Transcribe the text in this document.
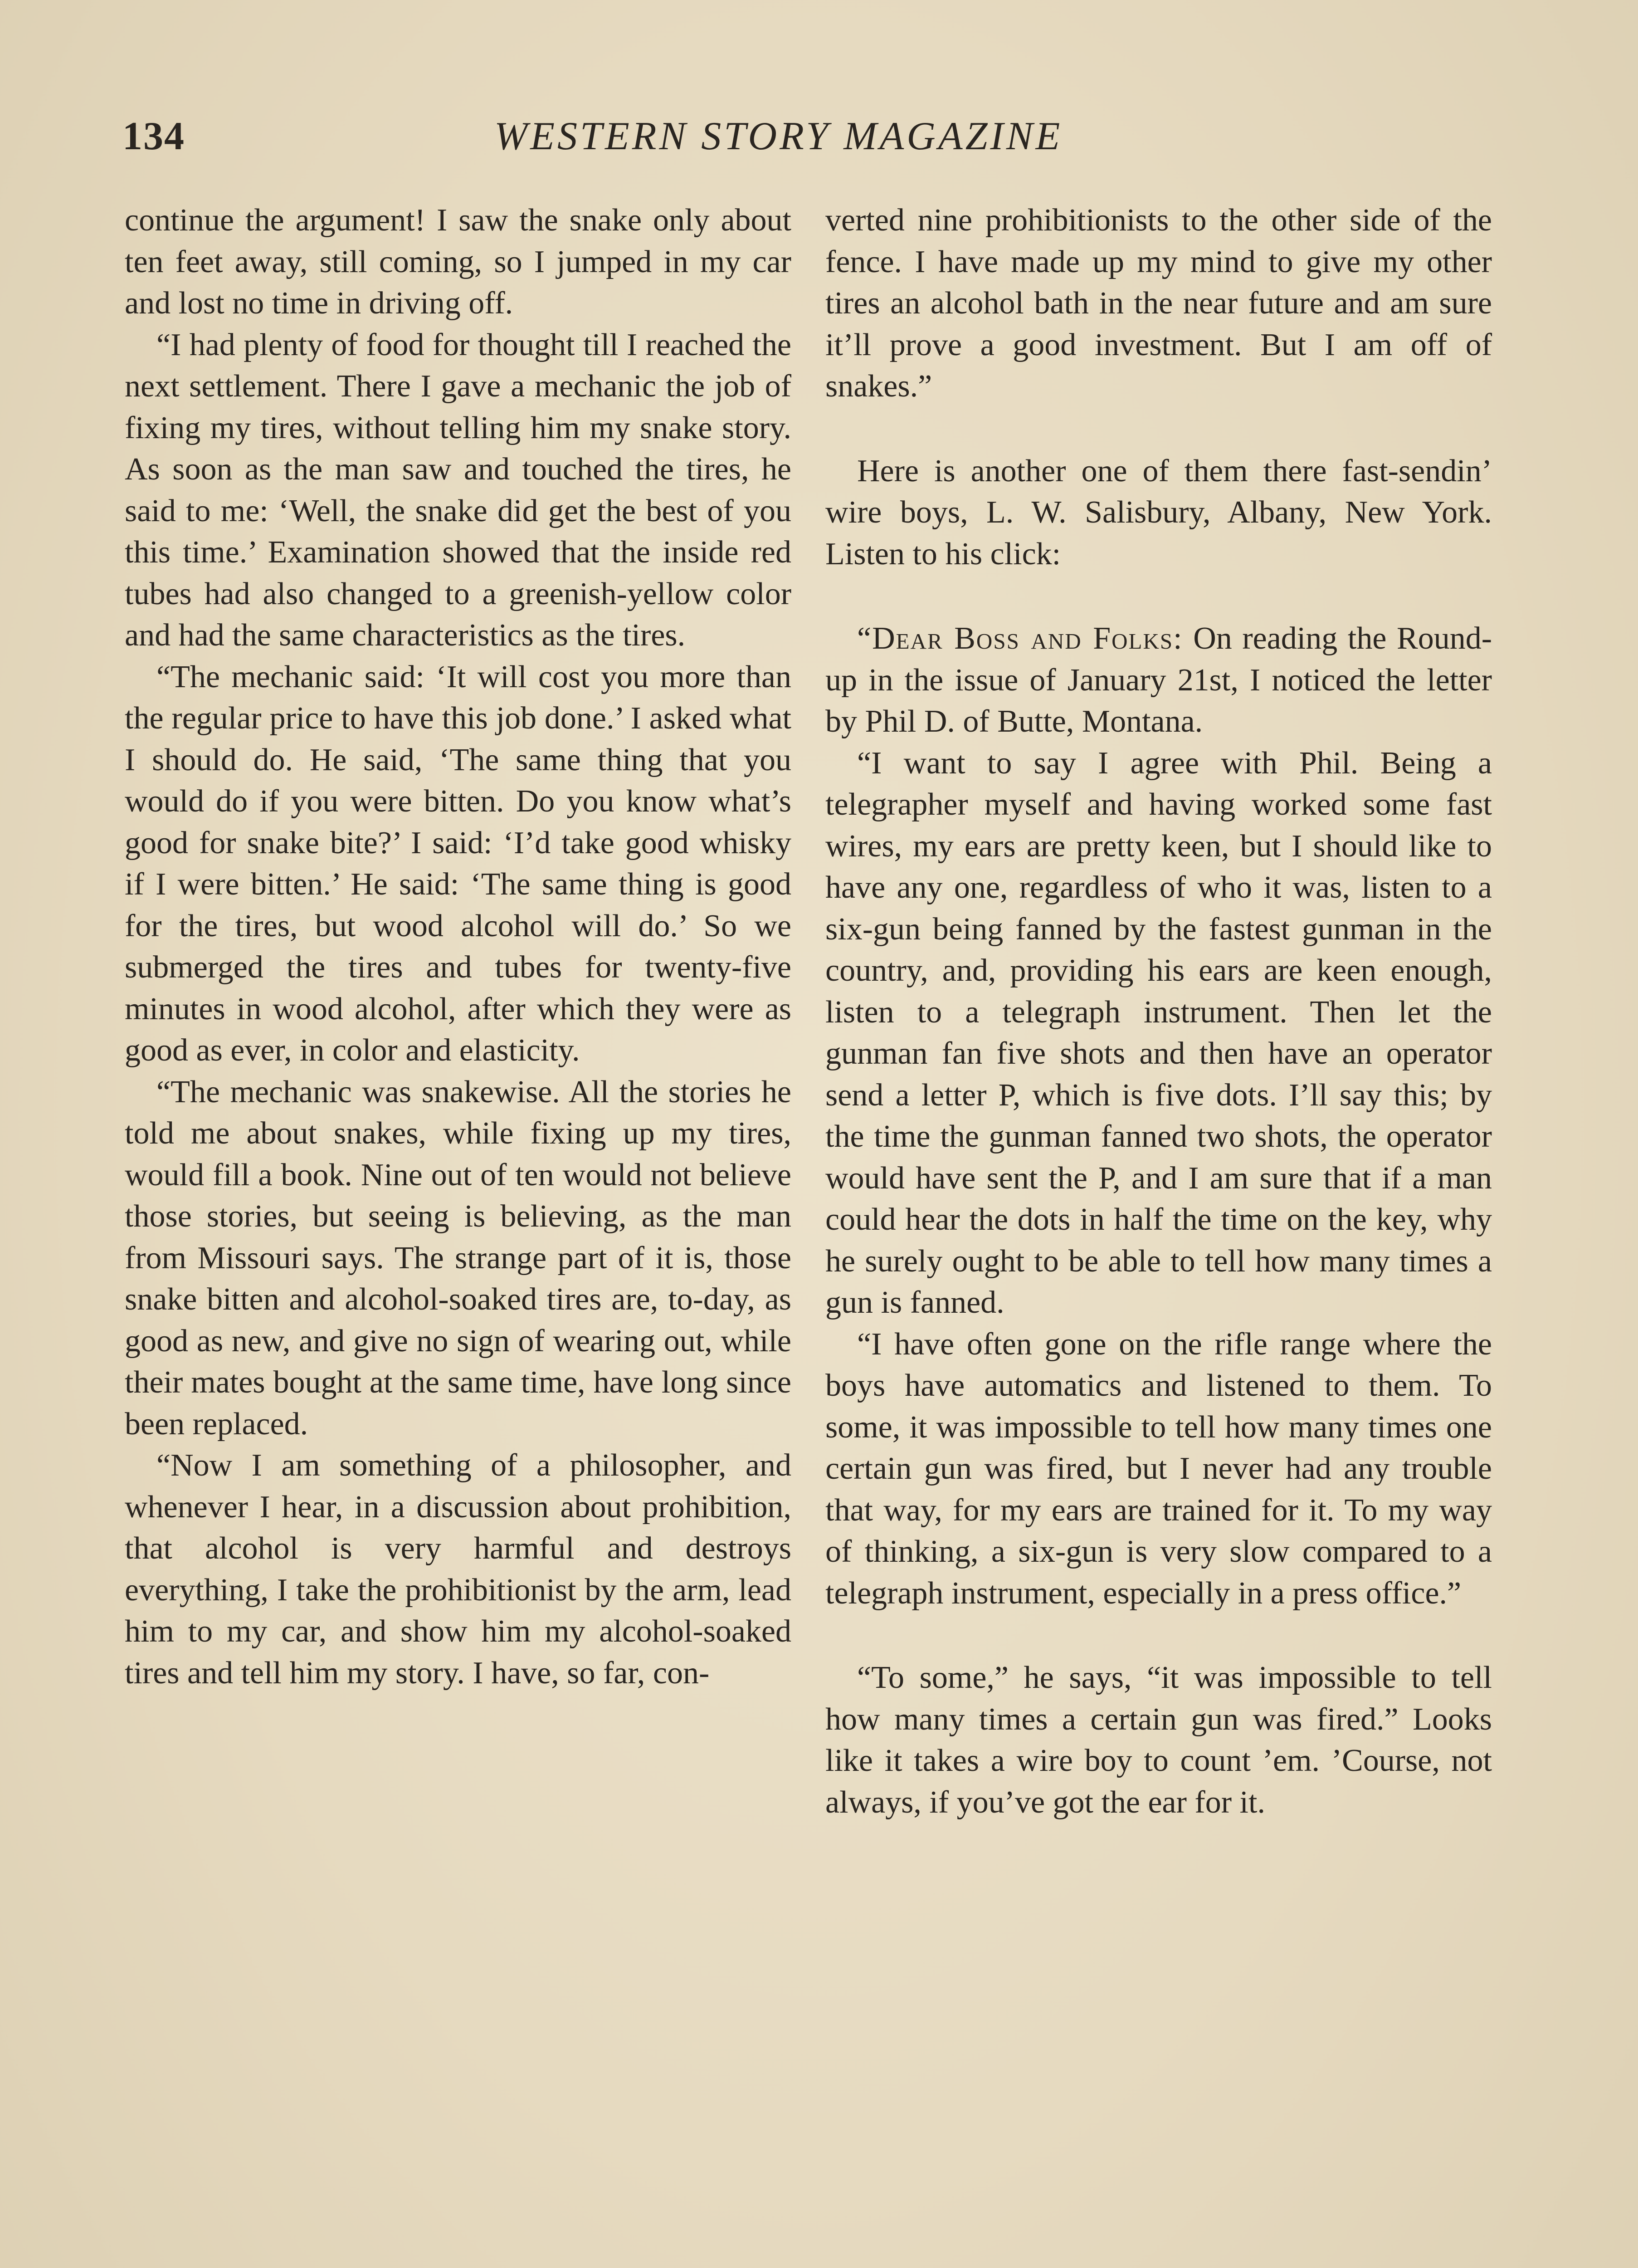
134	WESTERN STORY MAGAZINE

continue the argument! I saw the snake only about ten feet away, still coming, so I jumped in my car and lost no time in driving off.

“I had plenty of food for thought till I reached the next settlement. There I gave a mechanic the job of fixing my tires, without telling him my snake story. As soon as the man saw and touched the tires, he said to me: ‘Well, the snake did get the best of you this time.’ Examination showed that the inside red tubes had also changed to a greenish-yellow color and had the same characteristics as the tires.

“The mechanic said: ‘It will cost you more than the regular price to have this job done.’ I asked what I should do. He said, ‘The same thing that you would do if you were bitten. Do you know what’s good for snake bite?’ I said: ‘I’d take good whisky if I were bitten.’ He said: ‘The same thing is good for the tires, but wood alcohol will do.’ So we submerged the tires and tubes for twenty-five minutes in wood alcohol, after which they were as good as ever, in color and elasticity.

“The mechanic was snakewise. All the stories he told me about snakes, while fixing up my tires, would fill a book. Nine out of ten would not believe those stories, but seeing is believing, as the man from Missouri says. The strange part of it is, those snake bitten and alcohol-soaked tires are, to-day, as good as new, and give no sign of wearing out, while their mates bought at the same time, have long since been replaced.

“Now I am something of a philosopher, and whenever I hear, in a discussion about prohibition, that alcohol is very harmful and destroys everything, I take the prohibitionist by the arm, lead him to my car, and show him my alcohol-soaked tires and tell him my story. I have, so far, con-

verted nine prohibitionists to the other side of the fence. I have made up my mind to give my other tires an alcohol bath in the near future and am sure it’ll prove a good investment. But I am off of snakes.”

Here is another one of them there fast-sendin’ wire boys, L. W. Salisbury, Albany, New York. Listen to his click:

“Dear Boss and Folks: On reading the Round-up in the issue of January 21st, I noticed the letter by Phil D. of Butte, Montana.

“I want to say I agree with Phil. Being a telegrapher myself and having worked some fast wires, my ears are pretty keen, but I should like to have any one, regardless of who it was, listen to a six-gun being fanned by the fastest gunman in the country, and, providing his ears are keen enough, listen to a telegraph instrument. Then let the gunman fan five shots and then have an operator send a letter P, which is five dots. I’ll say this; by the time the gunman fanned two shots, the operator would have sent the P, and I am sure that if a man could hear the dots in half the time on the key, why he surely ought to be able to tell how many times a gun is fanned.

“I have often gone on the rifle range where the boys have automatics and listened to them. To some, it was impossible to tell how many times one certain gun was fired, but I never had any trouble that way, for my ears are trained for it. To my way of thinking, a six-gun is very slow compared to a telegraph instrument, especially in a press office.”

“To some,” he says, “it was impossible to tell how many times a certain gun was fired.” Looks like it takes a wire boy to count ’em. ’Course, not always, if you’ve got the ear for it.
